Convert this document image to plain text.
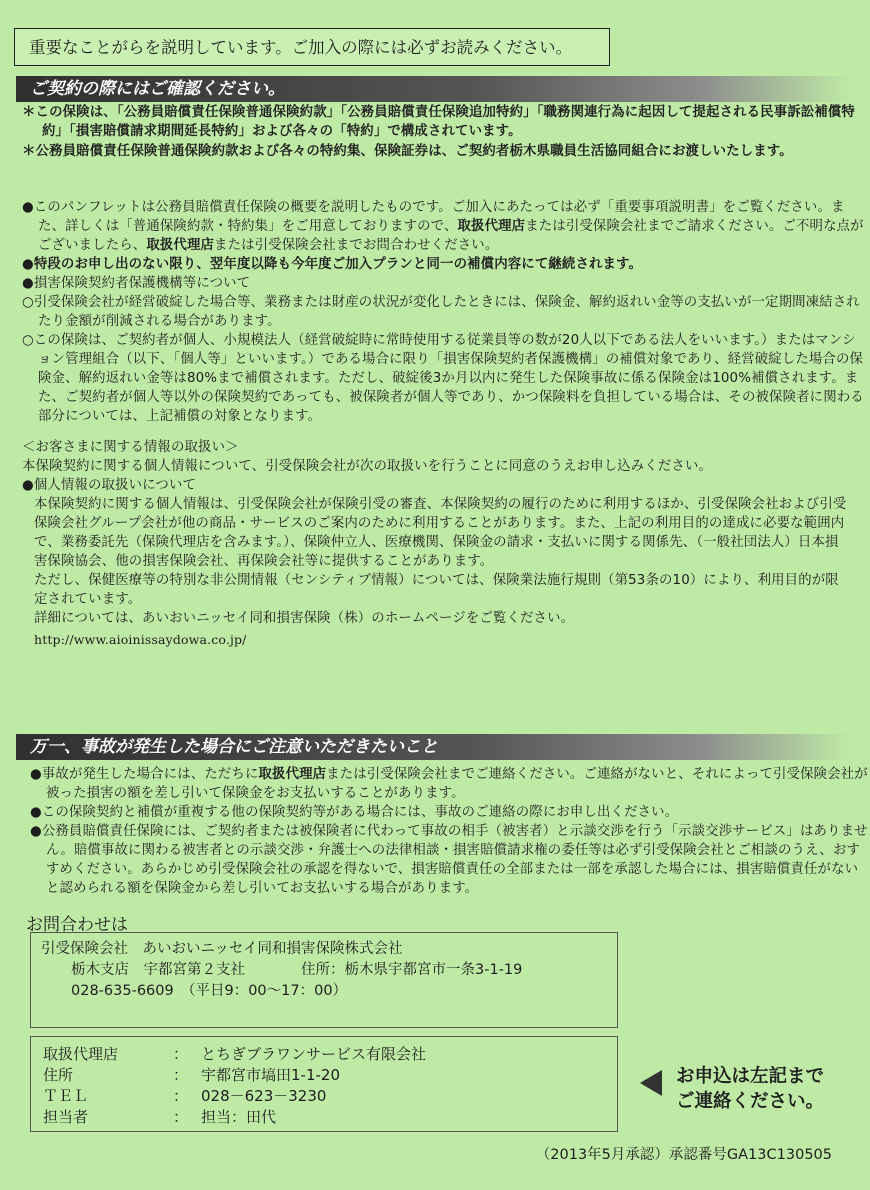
重要なことがらを説明しています。ご加入の際には必ずお読みください。
ご契約の際にはご確認ください。

＊この保険は、「公務員賠償責任保険普通保険約款」「公務員賠償責任保険追加特約」「職務関連行為に起因して提起される民事訴訟補償特約」「損害賠償請求期間延長特約」および各々の「特約」で構成されています。

＊公務員賠償責任保険普通保険約款および各々の特約集、保険証券は、ご契約者栃木県職員生活協同組合にお渡しいたします。

●このパンフレットは公務員賠償責任保険の概要を説明したものです。ご加入にあたっては必ず「重要事項説明書」をご覧ください。また、詳しくは「普通保険約款・特約集」をご用意しておりますので、取扱代理店または引受保険会社までご請求ください。ご不明な点がございましたら、取扱代理店または引受保険会社までお問合わせください。

●特段のお申し出のない限り、翌年度以降も今年度ご加入プランと同一の補償内容にて継続されます。

●損害保険契約者保護機構等について

○引受保険会社が経営破綻した場合等、業務または財産の状況が変化したときには、保険金、解約返れい金等の支払いが一定期間凍結されたり金額が削減される場合があります。

○この保険は、ご契約者が個人、小規模法人（経営破綻時に常時使用する従業員等の数が20人以下である法人をいいます。）またはマンション管理組合（以下、「個人等」といいます。）である場合に限り「損害保険契約者保護機構」の補償対象であり、経営破綻した場合の保険金、解約返れい金等は80%まで補償されます。ただし、破綻後3か月以内に発生した保険事故に係る保険金は100%補償されます。また、ご契約者が個人等以外の保険契約であっても、被保険者が個人等であり、かつ保険料を負担している場合は、その被保険者に関わる部分については、上記補償の対象となります。

＜お客さまに関する情報の取扱い＞

本保険契約に関する個人情報について、引受保険会社が次の取扱いを行うことに同意のうえお申し込みください。

●個人情報の取扱いについて

本保険契約に関する個人情報は、引受保険会社が保険引受の審査、本保険契約の履行のために利用するほか、引受保険会社および引受保険会社グループ会社が他の商品・サービスのご案内のために利用することがあります。また、上記の利用目的の達成に必要な範囲内で、業務委託先（保険代理店を含みます。）、保険仲立人、医療機関、保険金の請求・支払いに関する関係先、（一般社団法人）日本損害保険協会、他の損害保険会社、再保険会社等に提供することがあります。

ただし、保健医療等の特別な非公開情報（センシティブ情報）については、保険業法施行規則（第53条の10）により、利用目的が限定されています。

詳細については、あいおいニッセイ同和損害保険（株）のホームページをご覧ください。

http://www.aioinissaydowa.co.jp/

万一、事故が発生した場合にご注意いただきたいこと

●事故が発生した場合には、ただちに取扱代理店または引受保険会社までご連絡ください。ご連絡がないと、それによって引受保険会社が被った損害の額を差し引いて保険金をお支払いすることがあります。

●この保険契約と補償が重複する他の保険契約等がある場合には、事故のご連絡の際にお申し出ください。

●公務員賠償責任保険には、ご契約者または被保険者に代わって事故の相手（被害者）と示談交渉を行う「示談交渉サービス」はありません。賠償事故に関わる被害者との示談交渉・弁護士への法律相談・損害賠償請求権の委任等は必ず引受保険会社とご相談のうえ、おすすめください。あらかじめ引受保険会社の承認を得ないで、損害賠償責任の全部または一部を承認した場合には、損害賠償責任がないと認められる額を保険金から差し引いてお支払いする場合があります。

お問合わせは
引受保険会社　あいおいニッセイ同和損害保険株式会社
栃木支店　宇都宮第２支社	住所：栃木県宇都宮市一条3-1-19
028-635-6609　（平日9：00～17：00）
取扱代理店	： とちぎブラワンサービス有限会社
住所	： 宇都宮市塙田1-1-20
ＴＥＬ	： 028－623－3230
担当者	： 担当：田代
お申込は左記まで
ご連絡ください。
（2013年5月承認）承認番号GA13C130505
